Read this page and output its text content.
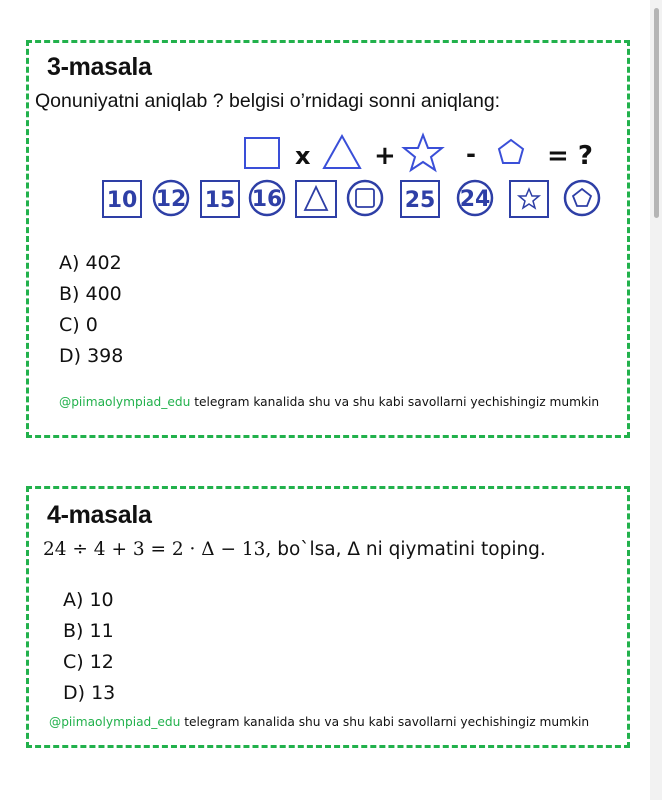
3-masala
Qonuniyatni aniqlab ? belgisi o’rnidagi sonni aniqlang:
x +	-	= ?
10 12 15 16	25 24
A) 402
B) 400
C) 0
D) 398
@piimaolympiad_edu telegram kanalida shu va shu kabi savollarni yechishingiz mumkin
4-masala
24 ÷ 4 + 3 = 2 · Δ − 13, bo`lsa, Δ ni qiymatini toping.
A) 10
B) 11
C) 12
D) 13
@piimaolympiad_edu telegram kanalida shu va shu kabi savollarni yechishingiz mumkin
